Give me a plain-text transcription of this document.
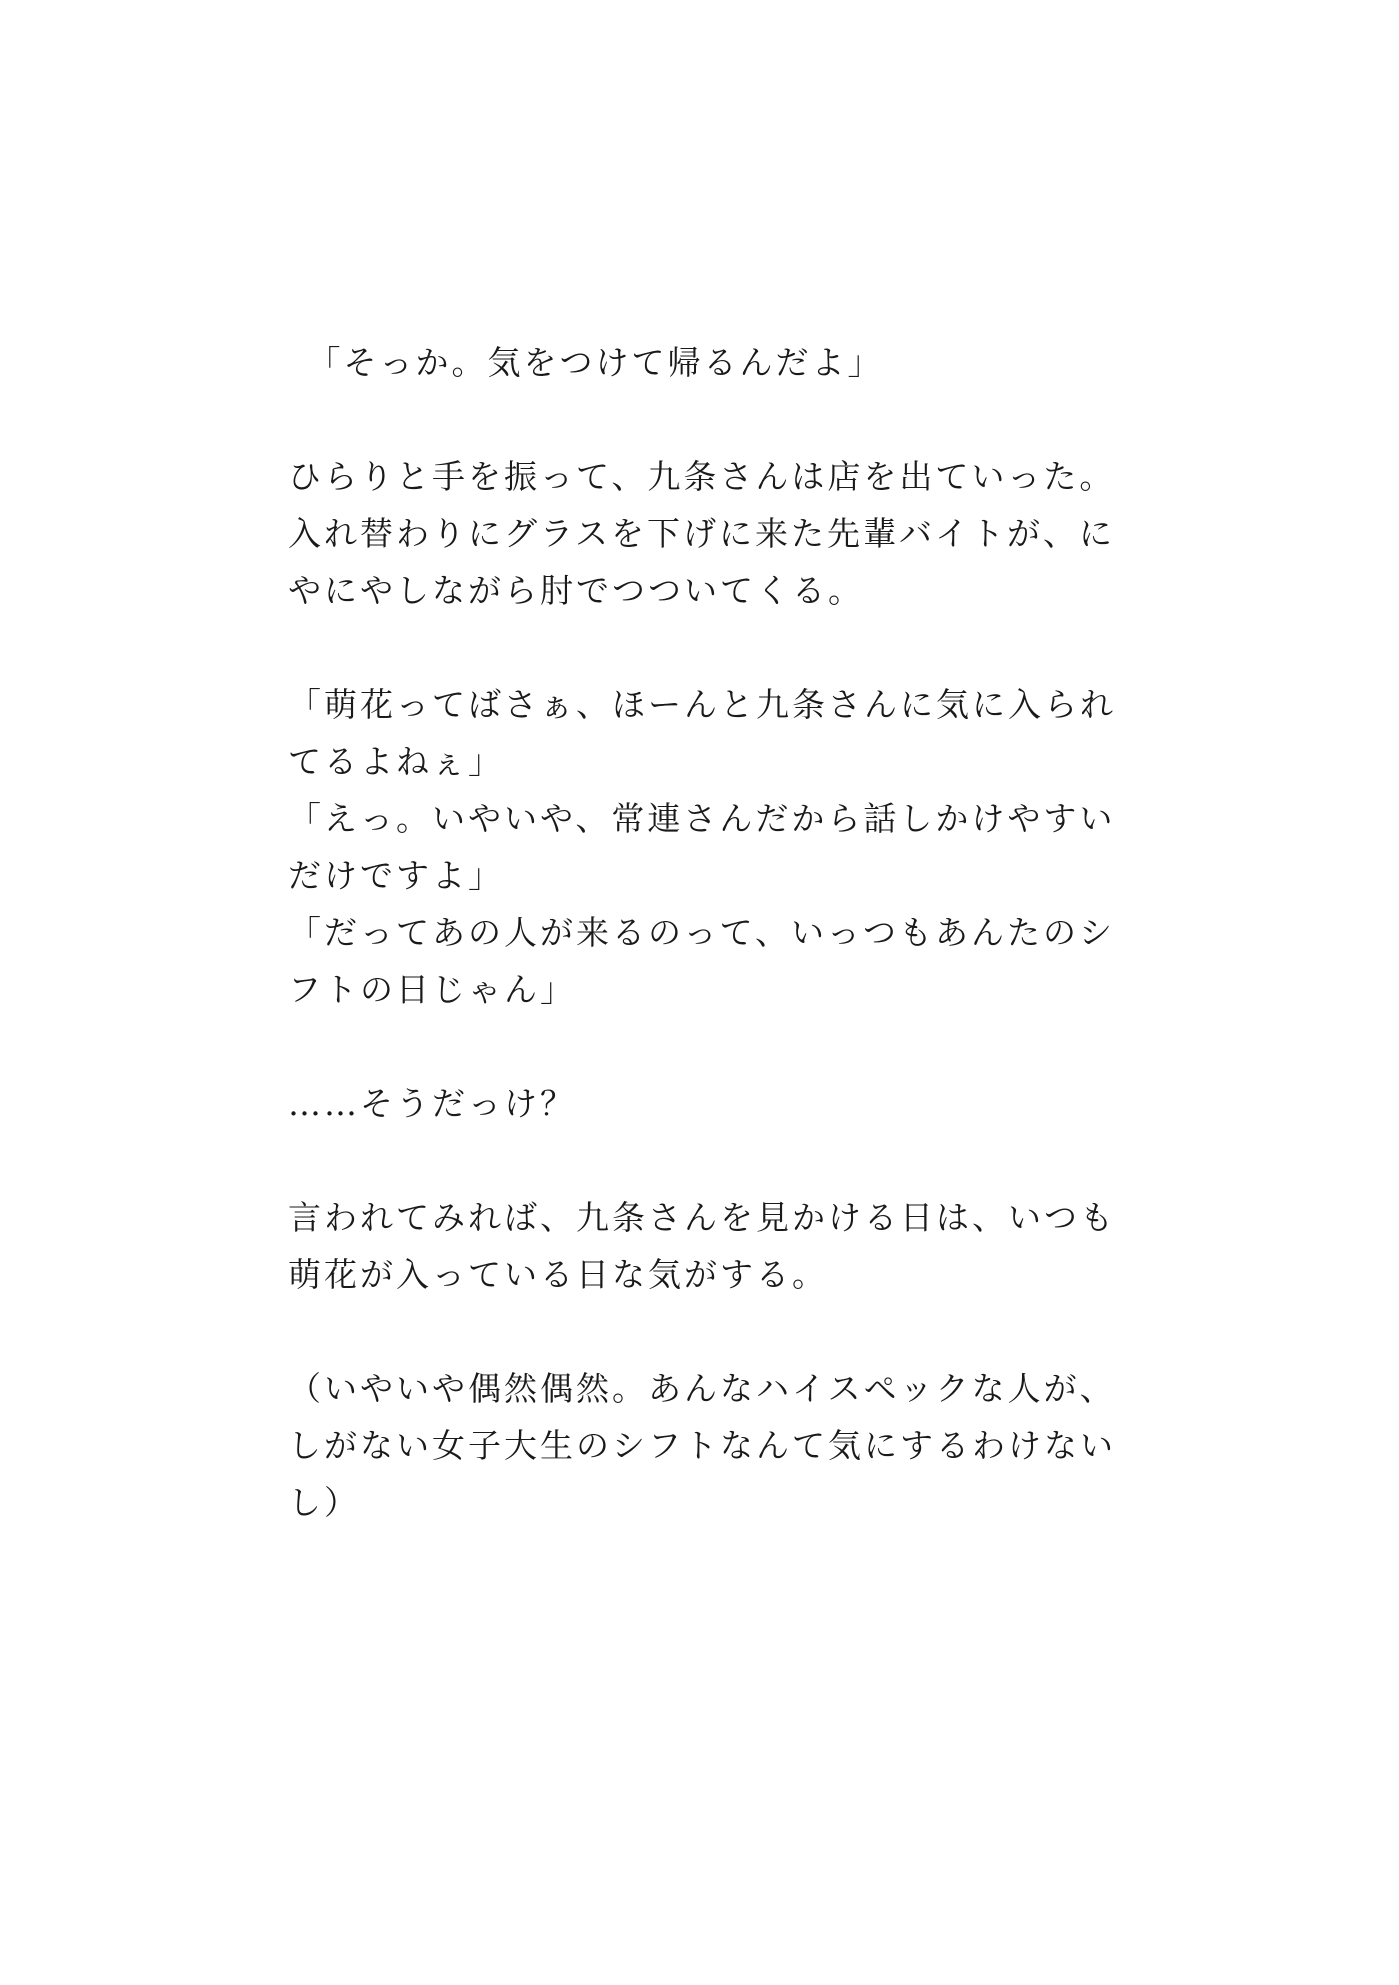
　「そっか。気をつけて帰るんだよ」
ひらりと手を振って、九条さんは店を出ていった。
入れ替わりにグラスを下げに来た先輩バイトが、に
やにやしながら肘でつついてくる。
「萌花ってばさぁ、ほーんと九条さんに気に入られ
てるよねぇ」
「えっ。いやいや、常連さんだから話しかけやすい
だけですよ」
「だってあの人が来るのって、いっつもあんたのシ
フトの日じゃん」
……そうだっけ？
言われてみれば、九条さんを見かける日は、いつも
萌花が入っている日な気がする。
（いやいや偶然偶然。あんなハイスペックな人が、
しがない女子大生のシフトなんて気にするわけない
し）
